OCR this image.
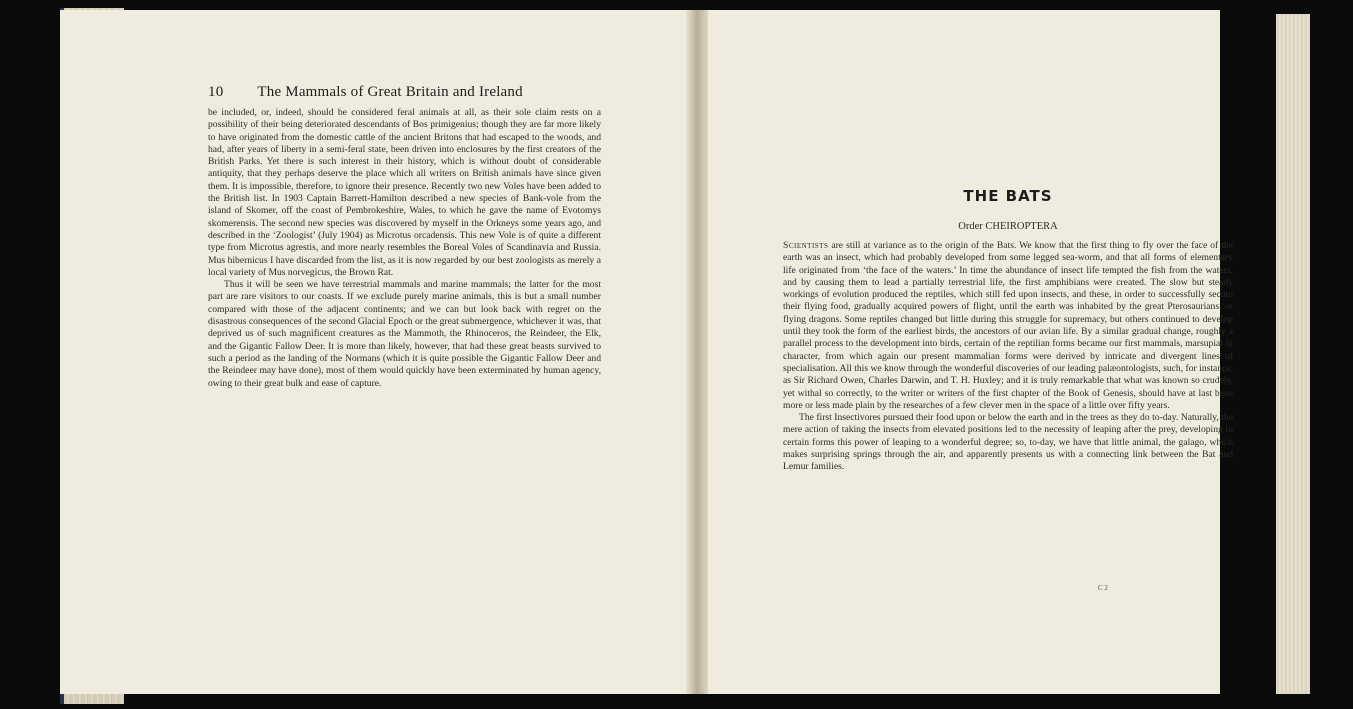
10 The Mammals of Great Britain and Ireland

be included, or, indeed, should be considered feral animals at all, as their sole claim rests on a possibility of their being deteriorated descendants of Bos primigenius; though they are far more likely to have originated from the domestic cattle of the ancient Britons that had escaped to the woods, and had, after years of liberty in a semi-feral state, been driven into enclosures by the first creators of the British Parks. Yet there is such interest in their history, which is without doubt of considerable antiquity, that they perhaps deserve the place which all writers on British animals have since given them. It is impossible, therefore, to ignore their presence. Recently two new Voles have been added to the British list. In 1903 Captain Barrett-Hamilton described a new species of Bank-vole from the island of Skomer, off the coast of Pembrokeshire, Wales, to which he gave the name of Evotomys skomerensis. The second new species was discovered by myself in the Orkneys some years ago, and described in the ‘Zoologist’ (July 1904) as Microtus orcadensis. This new Vole is of quite a different type from Microtus agrestis, and more nearly resembles the Boreal Voles of Scandinavia and Russia. Mus hibernicus I have discarded from the list, as it is now regarded by our best zoologists as merely a local variety of Mus norvegicus, the Brown Rat.

Thus it will be seen we have terrestrial mammals and marine mammals; the latter for the most part are rare visitors to our coasts. If we exclude purely marine animals, this is but a small number compared with those of the adjacent continents; and we can but look back with regret on the disastrous consequences of the second Glacial Epoch or the great submergence, whichever it was, that deprived us of such magnificent creatures as the Mammoth, the Rhinoceros, the Reindeer, the Elk, and the Gigantic Fallow Deer. It is more than likely, however, that had these great beasts survived to such a period as the landing of the Normans (which it is quite possible the Gigantic Fallow Deer and the Reindeer may have done), most of them would quickly have been exterminated by human agency, owing to their great bulk and ease of capture.

THE BATS
Order CHEIROPTERA

Scientists are still at variance as to the origin of the Bats. We know that the first thing to fly over the face of the earth was an insect, which had probably developed from some legged sea-worm, and that all forms of elementary life originated from ‘the face of the waters.’ In time the abundance of insect life tempted the fish from the waters, and by causing them to lead a partially terrestrial life, the first amphibians were created. The slow but steady workings of evolution produced the reptiles, which still fed upon insects, and these, in order to successfully secure their flying food, gradually acquired powers of flight, until the earth was inhabited by the great Pterosaurians, or flying dragons. Some reptiles changed but little during this struggle for supremacy, but others continued to develop until they took the form of the earliest birds, the ancestors of our avian life. By a similar gradual change, roughly a parallel process to the development into birds, certain of the reptilian forms became our first mammals, marsupial in character, from which again our present mammalian forms were derived by intricate and divergent lines of specialisation. All this we know through the wonderful discoveries of our leading palæontologists, such, for instance, as Sir Richard Owen, Charles Darwin, and T. H. Huxley; and it is truly remarkable that what was known so crudely, yet withal so correctly, to the writer or writers of the first chapter of the Book of Genesis, should have at last been more or less made plain by the researches of a few clever men in the space of a little over fifty years.

The first Insectivores pursued their food upon or below the earth and in the trees as they do to-day. Naturally, the mere action of taking the insects from elevated positions led to the necessity of leaping after the prey, developing in certain forms this power of leaping to a wonderful degree; so, to-day, we have that little animal, the galago, which makes surprising springs through the air, and apparently presents us with a connecting link between the Bat and Lemur families.

C 2
